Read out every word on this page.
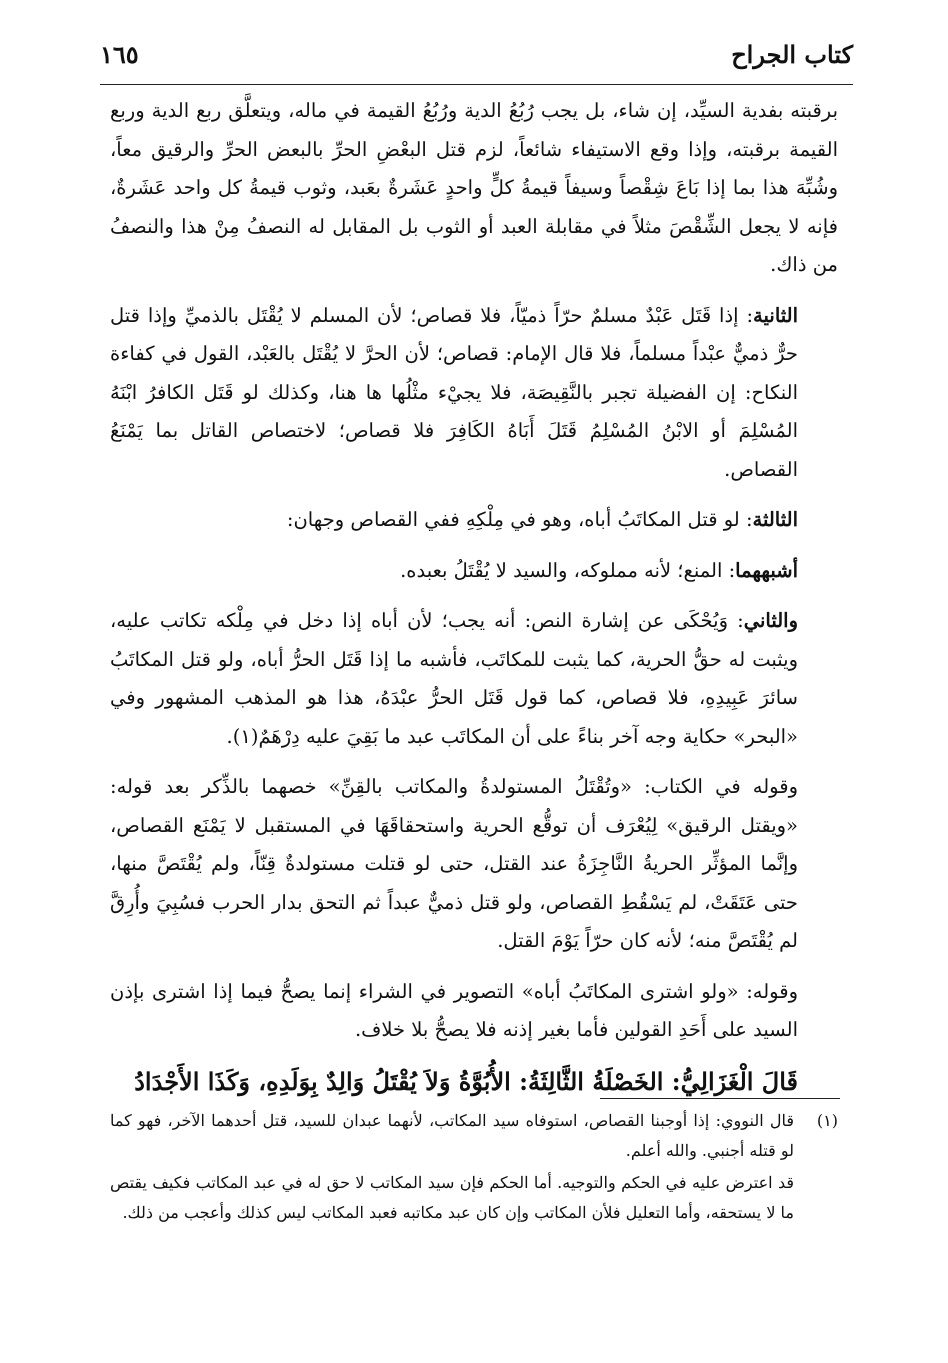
كتاب الجراح
١٦٥

برقبته بفدية السيِّد، إن شاء، بل يجب رُبُعُ الدية ورُبُعُ القيمة في ماله، ويتعلَّق ربع الدية وربع القيمة برقبته، وإذا وقع الاستيفاء شائعاً، لزم قتل البعْضِ الحرِّ بالبعض الحرِّ والرقيق معاً، وشُبِّهَ هذا بما إذا بَاعَ شِقْصاً وسيفاً قيمةُ كلٍّ واحدٍ عَشَرةٌ بعَبد، وثوب قيمةُ كل واحد عَشَرةٌ، فإنه لا يجعل الشِّقْصَ مثلاً في مقابلة العبد أو الثوب بل المقابل له النصفُ مِنْ هذا والنصفُ من ذاك.

الثانية: إذا قَتَل عَبْدٌ مسلمٌ حرّاً ذميّاً، فلا قصاص؛ لأن المسلم لا يُقْتَل بالذميِّ وإذا قتل حرٌّ ذميٌّ عبْداً مسلماً، فلا قال الإمام: قصاص؛ لأن الحرَّ لا يُقْتَل بالعَبْد، القول في كفاءة النكاح: إن الفضيلة تجبر بالنَّقِيصَة، فلا يجيْء مثْلُها ها هنا، وكذلك لو قَتَل الكافرُ ابْنَهُ المُسْلِمَ أو الابْنُ المُسْلِمُ قَتَلَ أَبَاهُ الكَافِرَ فلا قصاص؛ لاختصاص القاتل بما يَمْنَعُ القصاص.

الثالثة: لو قتل المكاتَبُ أباه، وهو في مِلْكِهِ ففي القصاص وجهان:

أشبههما: المنع؛ لأنه مملوكه، والسيد لا يُقْتَلُ بعبده.

والثاني: وَيُحْكَى عن إشارة النص: أنه يجب؛ لأن أباه إذا دخل في مِلْكه تكاتب عليه، ويثبت له حقُّ الحرية، كما يثبت للمكاتَب، فأشبه ما إذا قَتَل الحرُّ أباه، ولو قتل المكاتَبُ سائرَ عَبِيدِهِ، فلا قصاص، كما قول قَتَل الحرُّ عبْدَهُ، هذا هو المذهب المشهور وفي «البحر» حكاية وجه آخر بناءً على أن المكاتَب عبد ما بَقِيَ عليه دِرْهَمٌ(١).

وقوله في الكتاب: «وتُقْتَلُ المستولدةُ والمكاتب بالقِنِّ» خصهما بالذِّكر بعد قوله: «ويقتل الرقيق» لِيُعْرَف أن توقُّع الحرية واستحقاقَهَا في المستقبل لا يَمْنَع القصاص، وإنَّما المؤثِّر الحريةُ النَّاجِزَةُ عند القتل، حتى لو قتلت مستولدةٌ قِنّاً، ولم يُقْتَصَّ منها، حتى عَتَقَتْ، لم يَسْقُطِ القصاص، ولو قتل ذميٌّ عبداً ثم التحق بدار الحرب فسُبِيَ وأُرِقَّ لم يُقْتَصَّ منه؛ لأنه كان حرّاً يَوْمَ القتل.

وقوله: «ولو اشترى المكاتَبُ أباه» التصوير في الشراء إنما يصحُّ فيما إذا اشترى بإذن السيد على أَحَدِ القولين فأما بغير إذنه فلا يصحُّ بلا خلاف.

قَالَ الْغَزَالِيُّ: الخَصْلَةُ الثَّالِثَةُ: الأُبُوَّةُ وَلاَ يُقْتَلُ وَالِدٌ بِوَلَدِهِ، وَكَذَا الأَجْدَادُ

(١)

قال النووي: إذا أوجبنا القصاص، استوفاه سيد المكاتب، لأنهما عبدان للسيد، قتل أحدهما الآخر، فهو كما لو قتله أجنبي. والله أعلم.

قد اعترض عليه في الحكم والتوجيه. أما الحكم فإن سيد المكاتب لا حق له في عبد المكاتب فكيف يقتص ما لا يستحقه، وأما التعليل فلأن المكاتب وإن كان عبد مكاتبه فعبد المكاتب ليس كذلك وأعجب من ذلك.
